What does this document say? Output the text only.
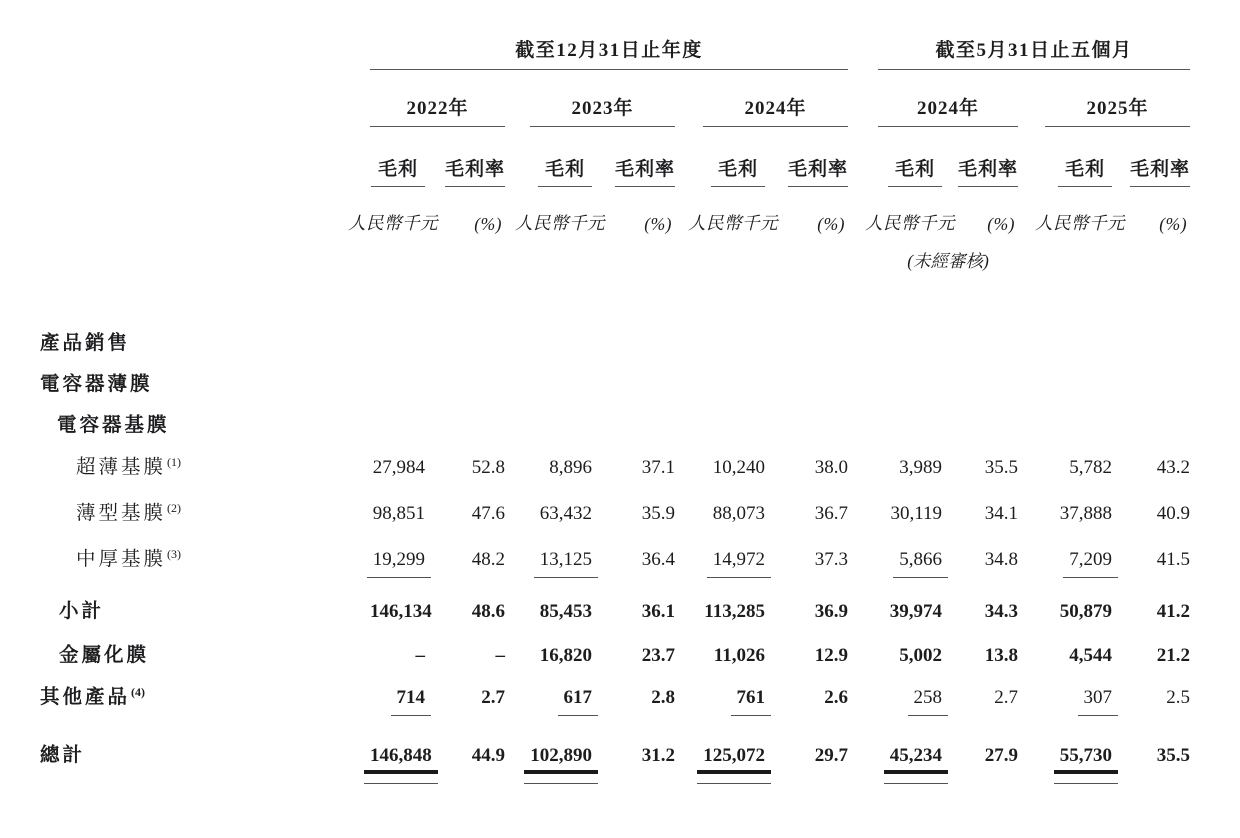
	截至12月31日止年度							截至5月31日止五個月			

	2022年		2023年		2024年			2024年		2025年	

	毛利	毛利率	毛利	毛利率	毛利	毛利率		毛利	毛利率	毛利	毛利率

	人民幣千元	(%)	人民幣千元	(%)	人民幣千元	(%)		人民幣千元	(%)	人民幣千元	(%)

								(未經審核)			

產品銷售											
電容器薄膜											
電容器基膜											
超薄基膜$^{(1)}$	27,984	52.8	8,896	37.1	10,240	38.0		3,989	35.5	5,782	43.2
薄型基膜$^{(2)}$	98,851	47.6	63,432	35.9	88,073	36.7		30,119	34.1	37,888	40.9
中厚基膜$^{(3)}$	19,299	48.2	13,125	36.4	14,972	37.3		5,866	34.8	7,209	41.5
小計	146,134	48.6	85,453	36.1	113,285	36.9		39,974	34.3	50,879	41.2
金屬化膜	–	–	16,820	23.7	11,026	12.9		5,002	13.8	4,544	21.2
其他產品$^{(4)}$	714	2.7	617	2.8	761	2.6		258	2.7	307	2.5
總計	146,848	44.9	102,890	31.2	125,072	29.7		45,234	27.9	55,730	35.5
